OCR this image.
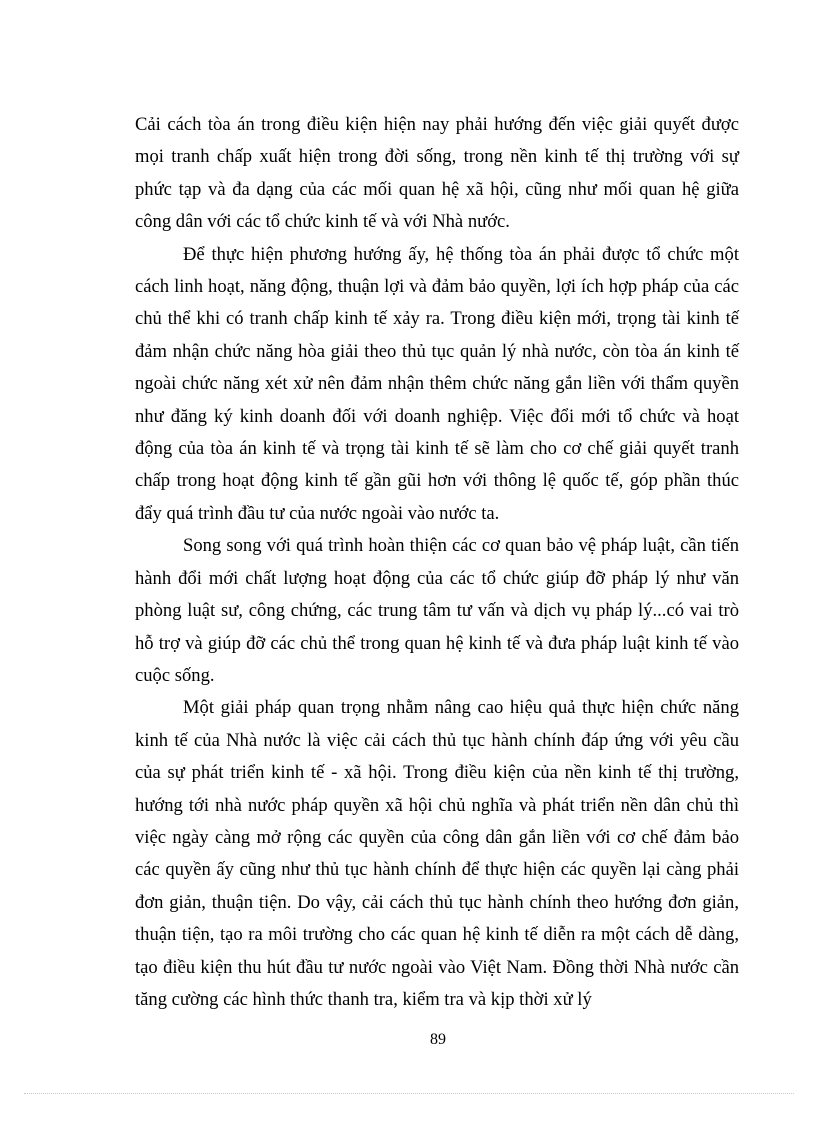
Cải cách tòa án trong điều kiện hiện nay phải hướng đến việc giải quyết được mọi tranh chấp xuất hiện trong đời sống, trong nền kinh tế thị trường với sự phức tạp và đa dạng của các mối quan hệ xã hội, cũng như mối quan hệ giữa công dân với các tổ chức kinh tế và với Nhà nước.

Để thực hiện phương hướng ấy, hệ thống tòa án phải được tổ chức một cách linh hoạt, năng động, thuận lợi và đảm bảo quyền, lợi ích hợp pháp của các chủ thể khi có tranh chấp kinh tế xảy ra. Trong điều kiện mới, trọng tài kinh tế đảm nhận chức năng hòa giải theo thủ tục quản lý nhà nước, còn tòa án kinh tế ngoài chức năng xét xử nên đảm nhận thêm chức năng gắn liền với thẩm quyền như đăng ký kinh doanh đối với doanh nghiệp. Việc đổi mới tổ chức và hoạt động của tòa án kinh tế và trọng tài kinh tế sẽ làm cho cơ chế giải quyết tranh chấp trong hoạt động kinh tế gần gũi hơn với thông lệ quốc tế, góp phần thúc đẩy quá trình đầu tư của nước ngoài vào nước ta.

Song song với quá trình hoàn thiện các cơ quan bảo vệ pháp luật, cần tiến hành đổi mới chất lượng hoạt động của các tổ chức giúp đỡ pháp lý như văn phòng luật sư, công chứng, các trung tâm tư vấn và dịch vụ pháp lý...có vai trò hỗ trợ và giúp đỡ các chủ thể trong quan hệ kinh tế và đưa pháp luật kinh tế vào cuộc sống.

Một giải pháp quan trọng nhằm nâng cao hiệu quả thực hiện chức năng kinh tế của Nhà nước là việc cải cách thủ tục hành chính đáp ứng với yêu cầu của sự phát triển kinh tế - xã hội. Trong điều kiện của nền kinh tế thị trường, hướng tới nhà nước pháp quyền xã hội chủ nghĩa và phát triển nền dân chủ thì việc ngày càng mở rộng các quyền của công dân gắn liền với cơ chế đảm bảo các quyền ấy cũng như thủ tục hành chính để thực hiện các quyền lại càng phải đơn giản, thuận tiện. Do vậy, cải cách thủ tục hành chính theo hướng đơn giản, thuận tiện, tạo ra môi trường cho các quan hệ kinh tế diễn ra một cách dễ dàng, tạo điều kiện thu hút đầu tư nước ngoài vào Việt Nam. Đồng thời Nhà nước cần tăng cường các hình thức thanh tra, kiểm tra và kịp thời xử lý

89
